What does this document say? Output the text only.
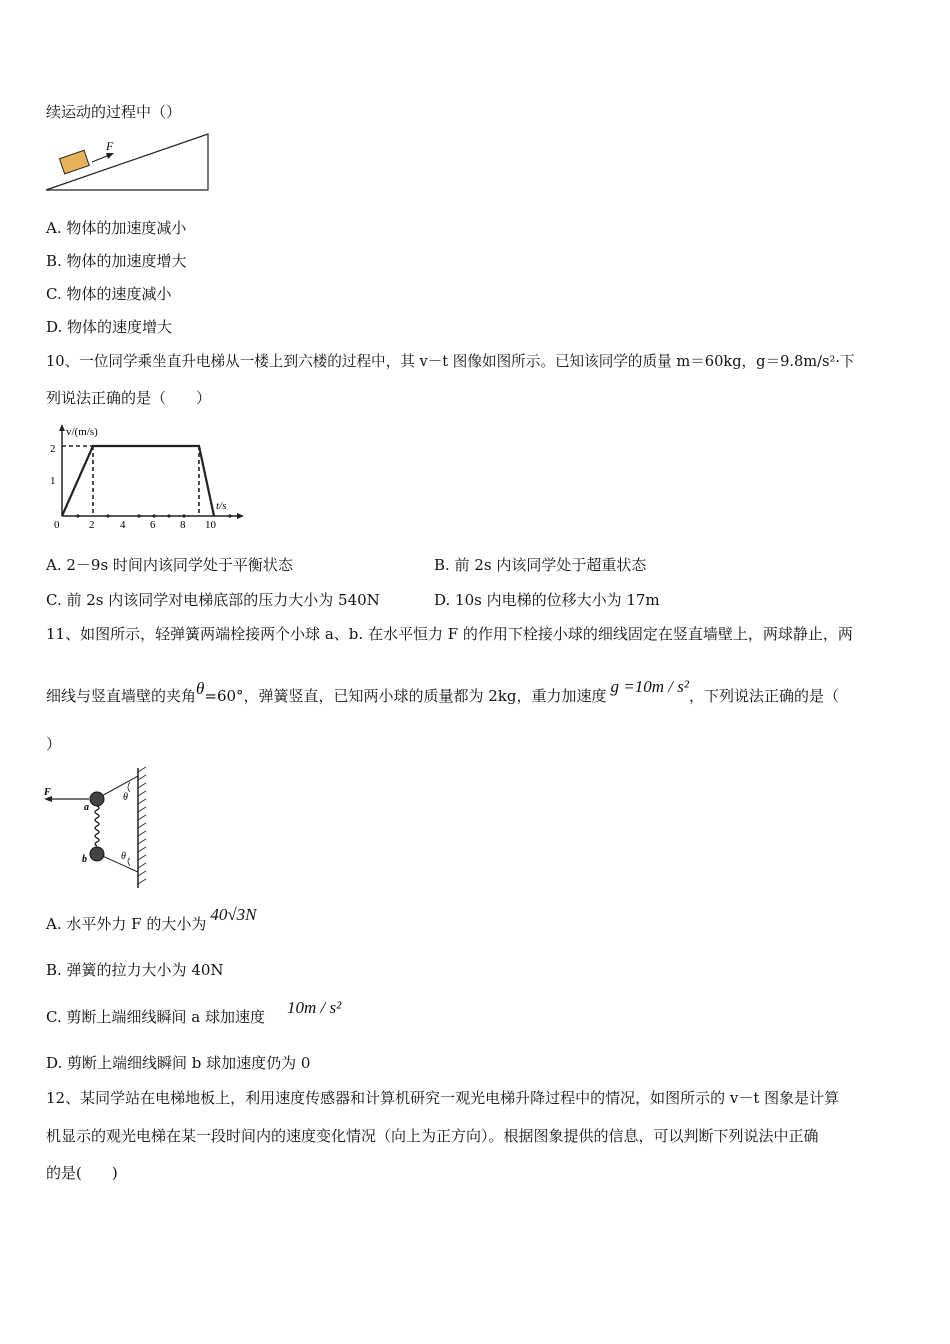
续运动的过程中（）
F
A. 物体的加速度减小
B. 物体的加速度增大
C. 物体的速度减小
D. 物体的速度增大
10、一位同学乘坐直升电梯从一楼上到六楼的过程中，其 v－t 图像如图所示。已知该同学的质量 m＝60kg，g＝9.8m/s²·下
列说法正确的是（　　）
v/(m/s)
t/s
2
1
0	2 4 6 8 10
A. 2－9s 时间内该同学处于平衡状态	B. 前 2s 内该同学处于超重状态
C. 前 2s 内该同学对电梯底部的压力大小为 540N	D. 10s 内电梯的位移大小为 17m
11、如图所示，轻弹簧两端栓接两个小球 a、b. 在水平恒力 F 的作用下栓接小球的细线固定在竖直墙壁上，两球静止，两
细线与竖直墙壁的夹角θ=60°，弹簧竖直，已知两小球的质量都为 2kg，重力加速度 g =10m / s²，下列说法正确的是（
）
θ
θ
F
a
b
A. 水平外力 F 的大小为 40√3N
B. 弹簧的拉力大小为 40N
C. 剪断上端细线瞬间 a 球加速度 10m / s²
D. 剪断上端细线瞬间 b 球加速度仍为 0
12、某同学站在电梯地板上，利用速度传感器和计算机研究一观光电梯升降过程中的情况，如图所示的 v－t 图象是计算
机显示的观光电梯在某一段时间内的速度变化情况（向上为正方向）。根据图象提供的信息，可以判断下列说法中正确
的是(　　)
